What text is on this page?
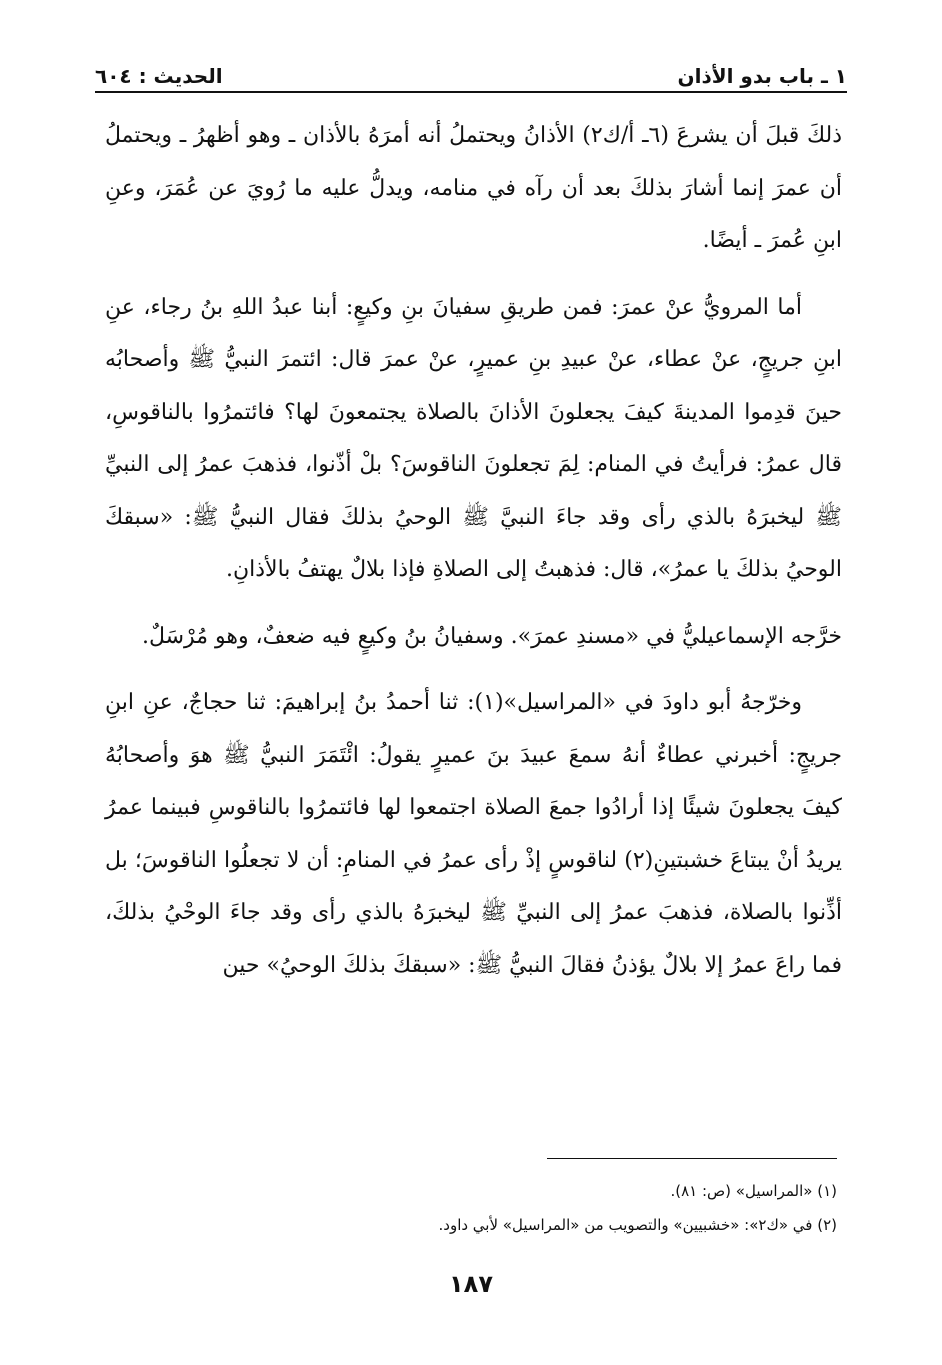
١ ـ باب بدو الأذان
الحديث : ٦٠٤

ذلكَ قبلَ أن يشرعَ (٦ـ أ/ك٢) الأذانُ ويحتملُ أنه أمرَهُ بالأذان ـ وهو أظهرُ ـ ويحتملُ أن عمرَ إنما أشارَ بذلكَ بعد أن رآه في منامه، ويدلُّ عليه ما رُويَ عن عُمَرَ، وعنِ ابنِ عُمرَ ـ أيضًا.

أما المرويُّ عنْ عمرَ: فمن طريقِ سفيانَ بنِ وكيعٍ: أبنا عبدُ اللهِ بنُ رجاء، عنِ ابنِ جريجٍ، عنْ عطاء، عنْ عبيدِ بنِ عميرٍ، عنْ عمرَ قال: ائتمرَ النبيُّ ﷺ وأصحابُه حينَ قدِموا المدينةَ كيفَ يجعلونَ الأذانَ بالصلاة يجتمعونَ لها؟ فائتمرُوا بالناقوسِ، قال عمرُ: فرأيتُ في المنام: لِمَ تجعلونَ الناقوسَ؟ بلْ أذّنوا، فذهبَ عمرُ إلى النبيِّ ﷺ ليخبرَهُ بالذي رأى وقد جاءَ النبيَّ ﷺ الوحيُ بذلكَ فقال النبيُّ ﷺ: «سبقكَ الوحيُ بذلكَ يا عمرُ»، قال: فذهبتُ إلى الصلاةِ فإذا بلالٌ يهتفُ بالأذانِ.

خرَّجه الإسماعيليُّ في «مسندِ عمرَ». وسفيانُ بنُ وكيعٍ فيه ضعفٌ، وهو مُرْسَلٌ.

وخرّجهُ أبو داودَ في «المراسيل»(١): ثنا أحمدُ بنُ إبراهيمَ: ثنا حجاجٌ، عنِ ابنِ جريجٍ: أخبرني عطاءٌ أنهُ سمعَ عبيدَ بنَ عميرٍ يقولُ: ائْتَمَرَ النبيُّ ﷺ هوَ وأصحابُهُ كيفَ يجعلونَ شيئًا إذا أرادُوا جمعَ الصلاة اجتمعوا لها فائتمرُوا بالناقوسِ فبينما عمرُ يريدُ أنْ يبتاعَ خشبتينِ(٢) لناقوسٍ إذْ رأى عمرُ في المنامِ: أن لا تجعلُوا الناقوسَ؛ بل أذِّنوا بالصلاة، فذهبَ عمرُ إلى النبيِّ ﷺ ليخبرَهُ بالذي رأى وقد جاءَ الوحْيُ بذلكَ، فما راعَ عمرُ إلا بلالٌ يؤذنُ فقالَ النبيُّ ﷺ: «سبقكَ بذلكَ الوحيُ» حين

(١) «المراسيل» (ص: ٨١).

(٢) في «ك٢»: «خشبيين» والتصويب من «المراسيل» لأبي داود.

١٨٧
